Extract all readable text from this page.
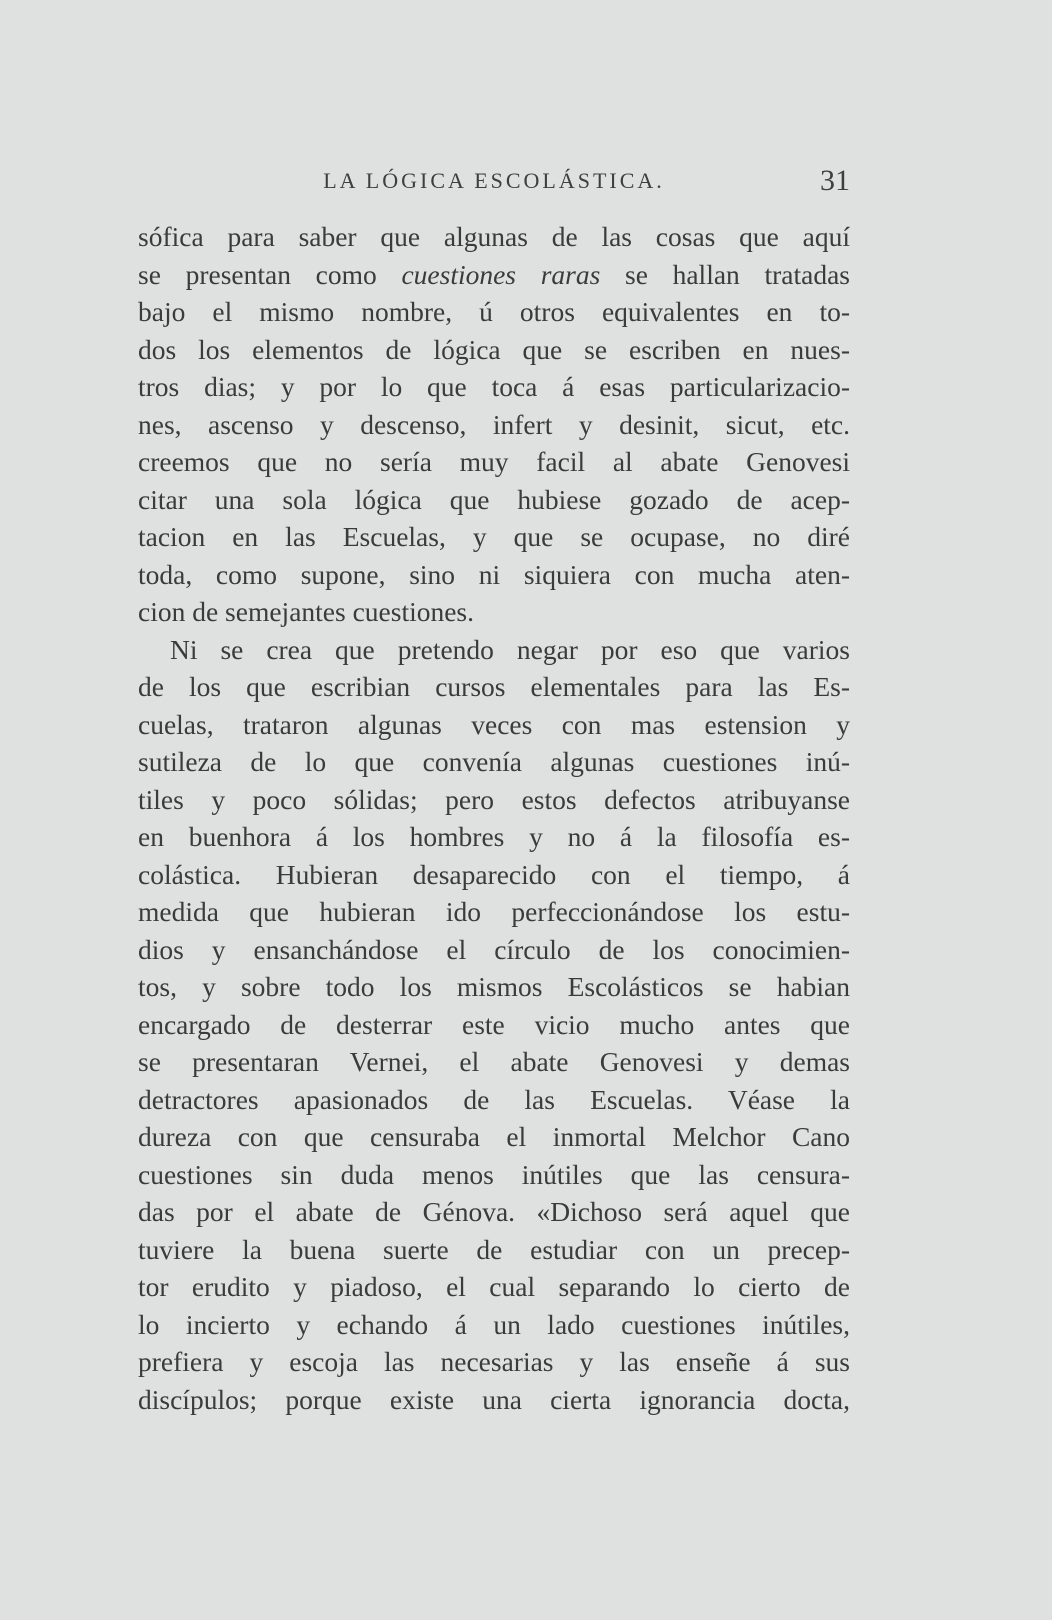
LA LÓGICA ESCOLÁSTICA.	31
sófica para saber que algunas de las cosas que aquí
se presentan como cuestiones raras se hallan tratadas
bajo el mismo nombre, ú otros equivalentes en to-
dos los elementos de lógica que se escriben en nues-
tros dias; y por lo que toca á esas particularizacio-
nes, ascenso y descenso, infert y desinit, sicut, etc.
creemos que no sería muy facil al abate Genovesi
citar una sola lógica que hubiese gozado de acep-
tacion en las Escuelas, y que se ocupase, no diré
toda, como supone, sino ni siquiera con mucha aten-
cion de semejantes cuestiones.
Ni se crea que pretendo negar por eso que varios
de los que escribian cursos elementales para las Es-
cuelas, trataron algunas veces con mas estension y
sutileza de lo que convenía algunas cuestiones inú-
tiles y poco sólidas; pero estos defectos atribuyanse
en buenhora á los hombres y no á la filosofía es-
colástica. Hubieran desaparecido con el tiempo, á
medida que hubieran ido perfeccionándose los estu-
dios y ensanchándose el círculo de los conocimien-
tos, y sobre todo los mismos Escolásticos se habian
encargado de desterrar este vicio mucho antes que
se presentaran Vernei, el abate Genovesi y demas
detractores apasionados de las Escuelas. Véase la
dureza con que censuraba el inmortal Melchor Cano
cuestiones sin duda menos inútiles que las censura-
das por el abate de Génova. «Dichoso será aquel que
tuviere la buena suerte de estudiar con un precep-
tor erudito y piadoso, el cual separando lo cierto de
lo incierto y echando á un lado cuestiones inútiles,
prefiera y escoja las necesarias y las enseñe á sus
discípulos; porque existe una cierta ignorancia docta,
